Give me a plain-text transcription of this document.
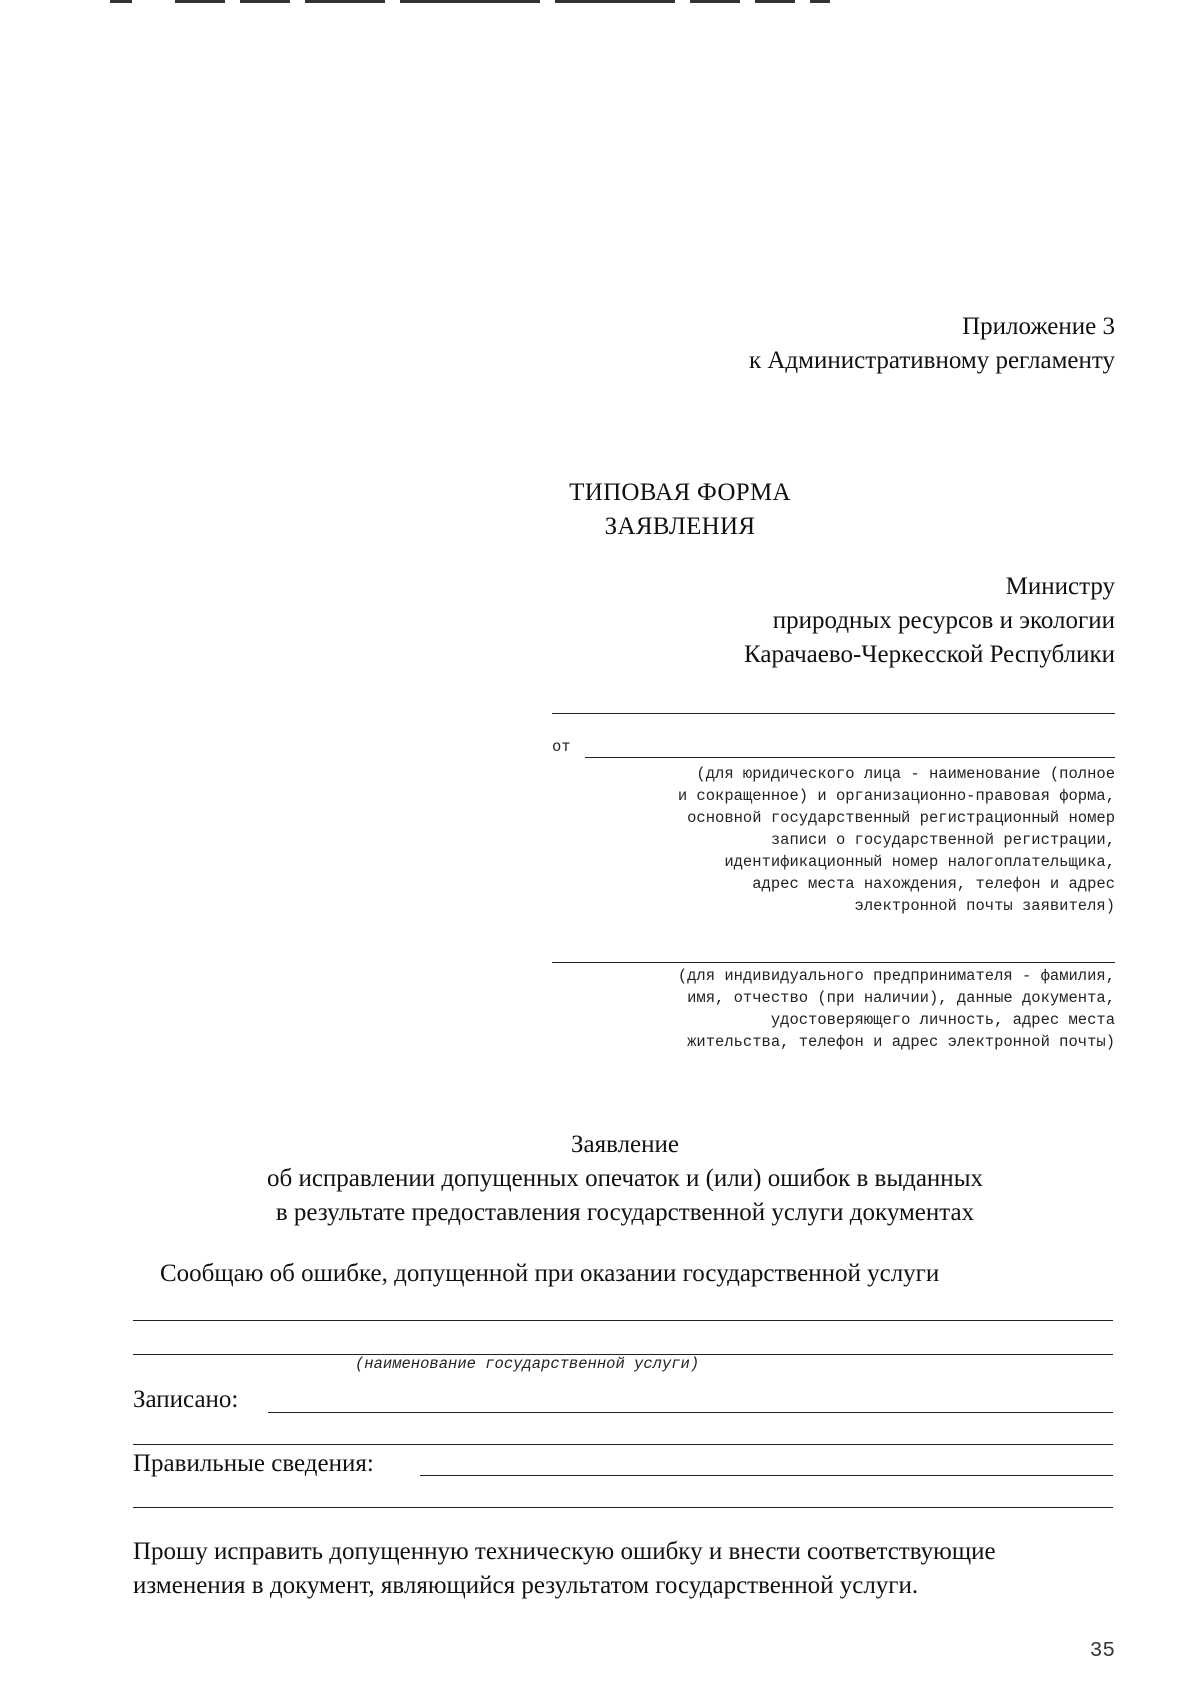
Приложение 3
к Административному регламенту
ТИПОВАЯ ФОРМА
ЗАЯВЛЕНИЯ
Министру
природных ресурсов и экологии
Карачаево-Черкесской Республики
от
(для юридического лица - наименование (полное
и сокращенное) и организационно-правовая форма,
основной государственный регистрационный номер
записи о государственной регистрации,
идентификационный номер налогоплательщика,
адрес места нахождения, телефон и адрес
электронной почты заявителя)
(для индивидуального предпринимателя - фамилия,
имя, отчество (при наличии), данные документа,
удостоверяющего личность, адрес места
жительства, телефон и адрес электронной почты)
Заявление
об исправлении допущенных опечаток и (или) ошибок в выданных
в результате предоставления государственной услуги документах
Сообщаю об ошибке, допущенной при оказании государственной услуги
(наименование государственной услуги)
Записано:
Правильные сведения:
Прошу исправить допущенную техническую ошибку и внести соответствующие
изменения в документ, являющийся результатом государственной услуги.
35
